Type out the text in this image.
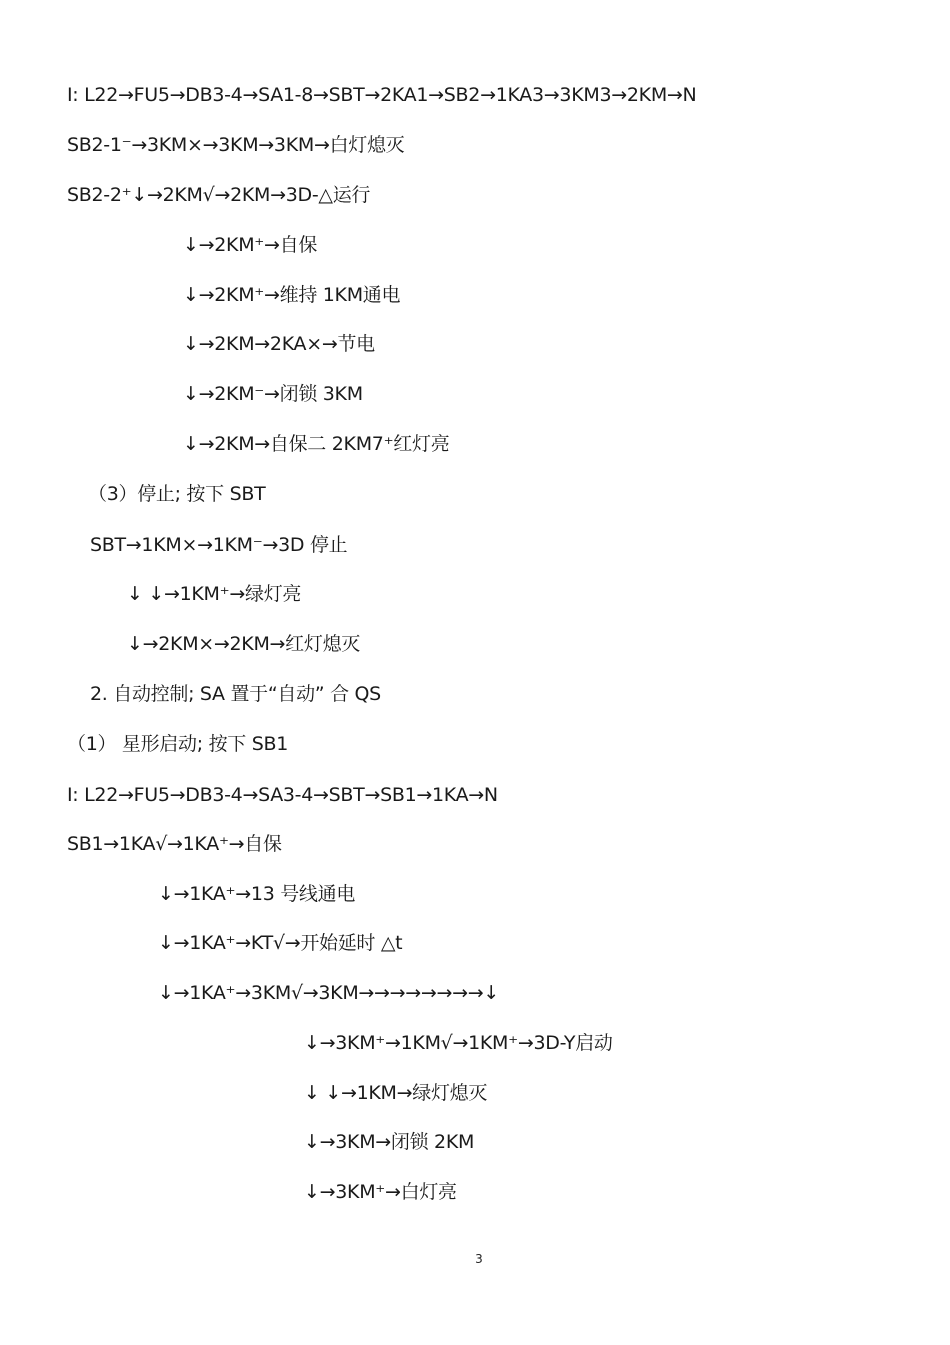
I: L22→FU5→DB3-4→SA1-8→SBT→2KA1→SB2→1KA3→3KM3→2KM→N
SB2-1⁻→3KM×→3KM→3KM→白灯熄灭
SB2-2⁺↓→2KM√→2KM→3D-△运行
↓→2KM⁺→自保
↓→2KM⁺→维持 1KM通电
↓→2KM→2KA×→节电
↓→2KM⁻→闭锁 3KM
↓→2KM→自保二 2KM7⁺红灯亮
（3）停止; 按下 SBT
SBT→1KM×→1KM⁻→3D 停止
↓ ↓→1KM⁺→绿灯亮
↓→2KM×→2KM→红灯熄灭
2. 自动控制; SA 置于“自动” 合 QS
（1） 星形启动; 按下 SB1
I: L22→FU5→DB3-4→SA3-4→SBT→SB1→1KA→N
SB1→1KA√→1KA⁺→自保
↓→1KA⁺→13 号线通电
↓→1KA⁺→KT√→开始延时 △t
↓→1KA⁺→3KM√→3KM→→→→→→→→↓
↓→3KM⁺→1KM√→1KM⁺→3D-Y启动
↓ ↓→1KM→绿灯熄灭
↓→3KM→闭锁 2KM
↓→3KM⁺→白灯亮
3
